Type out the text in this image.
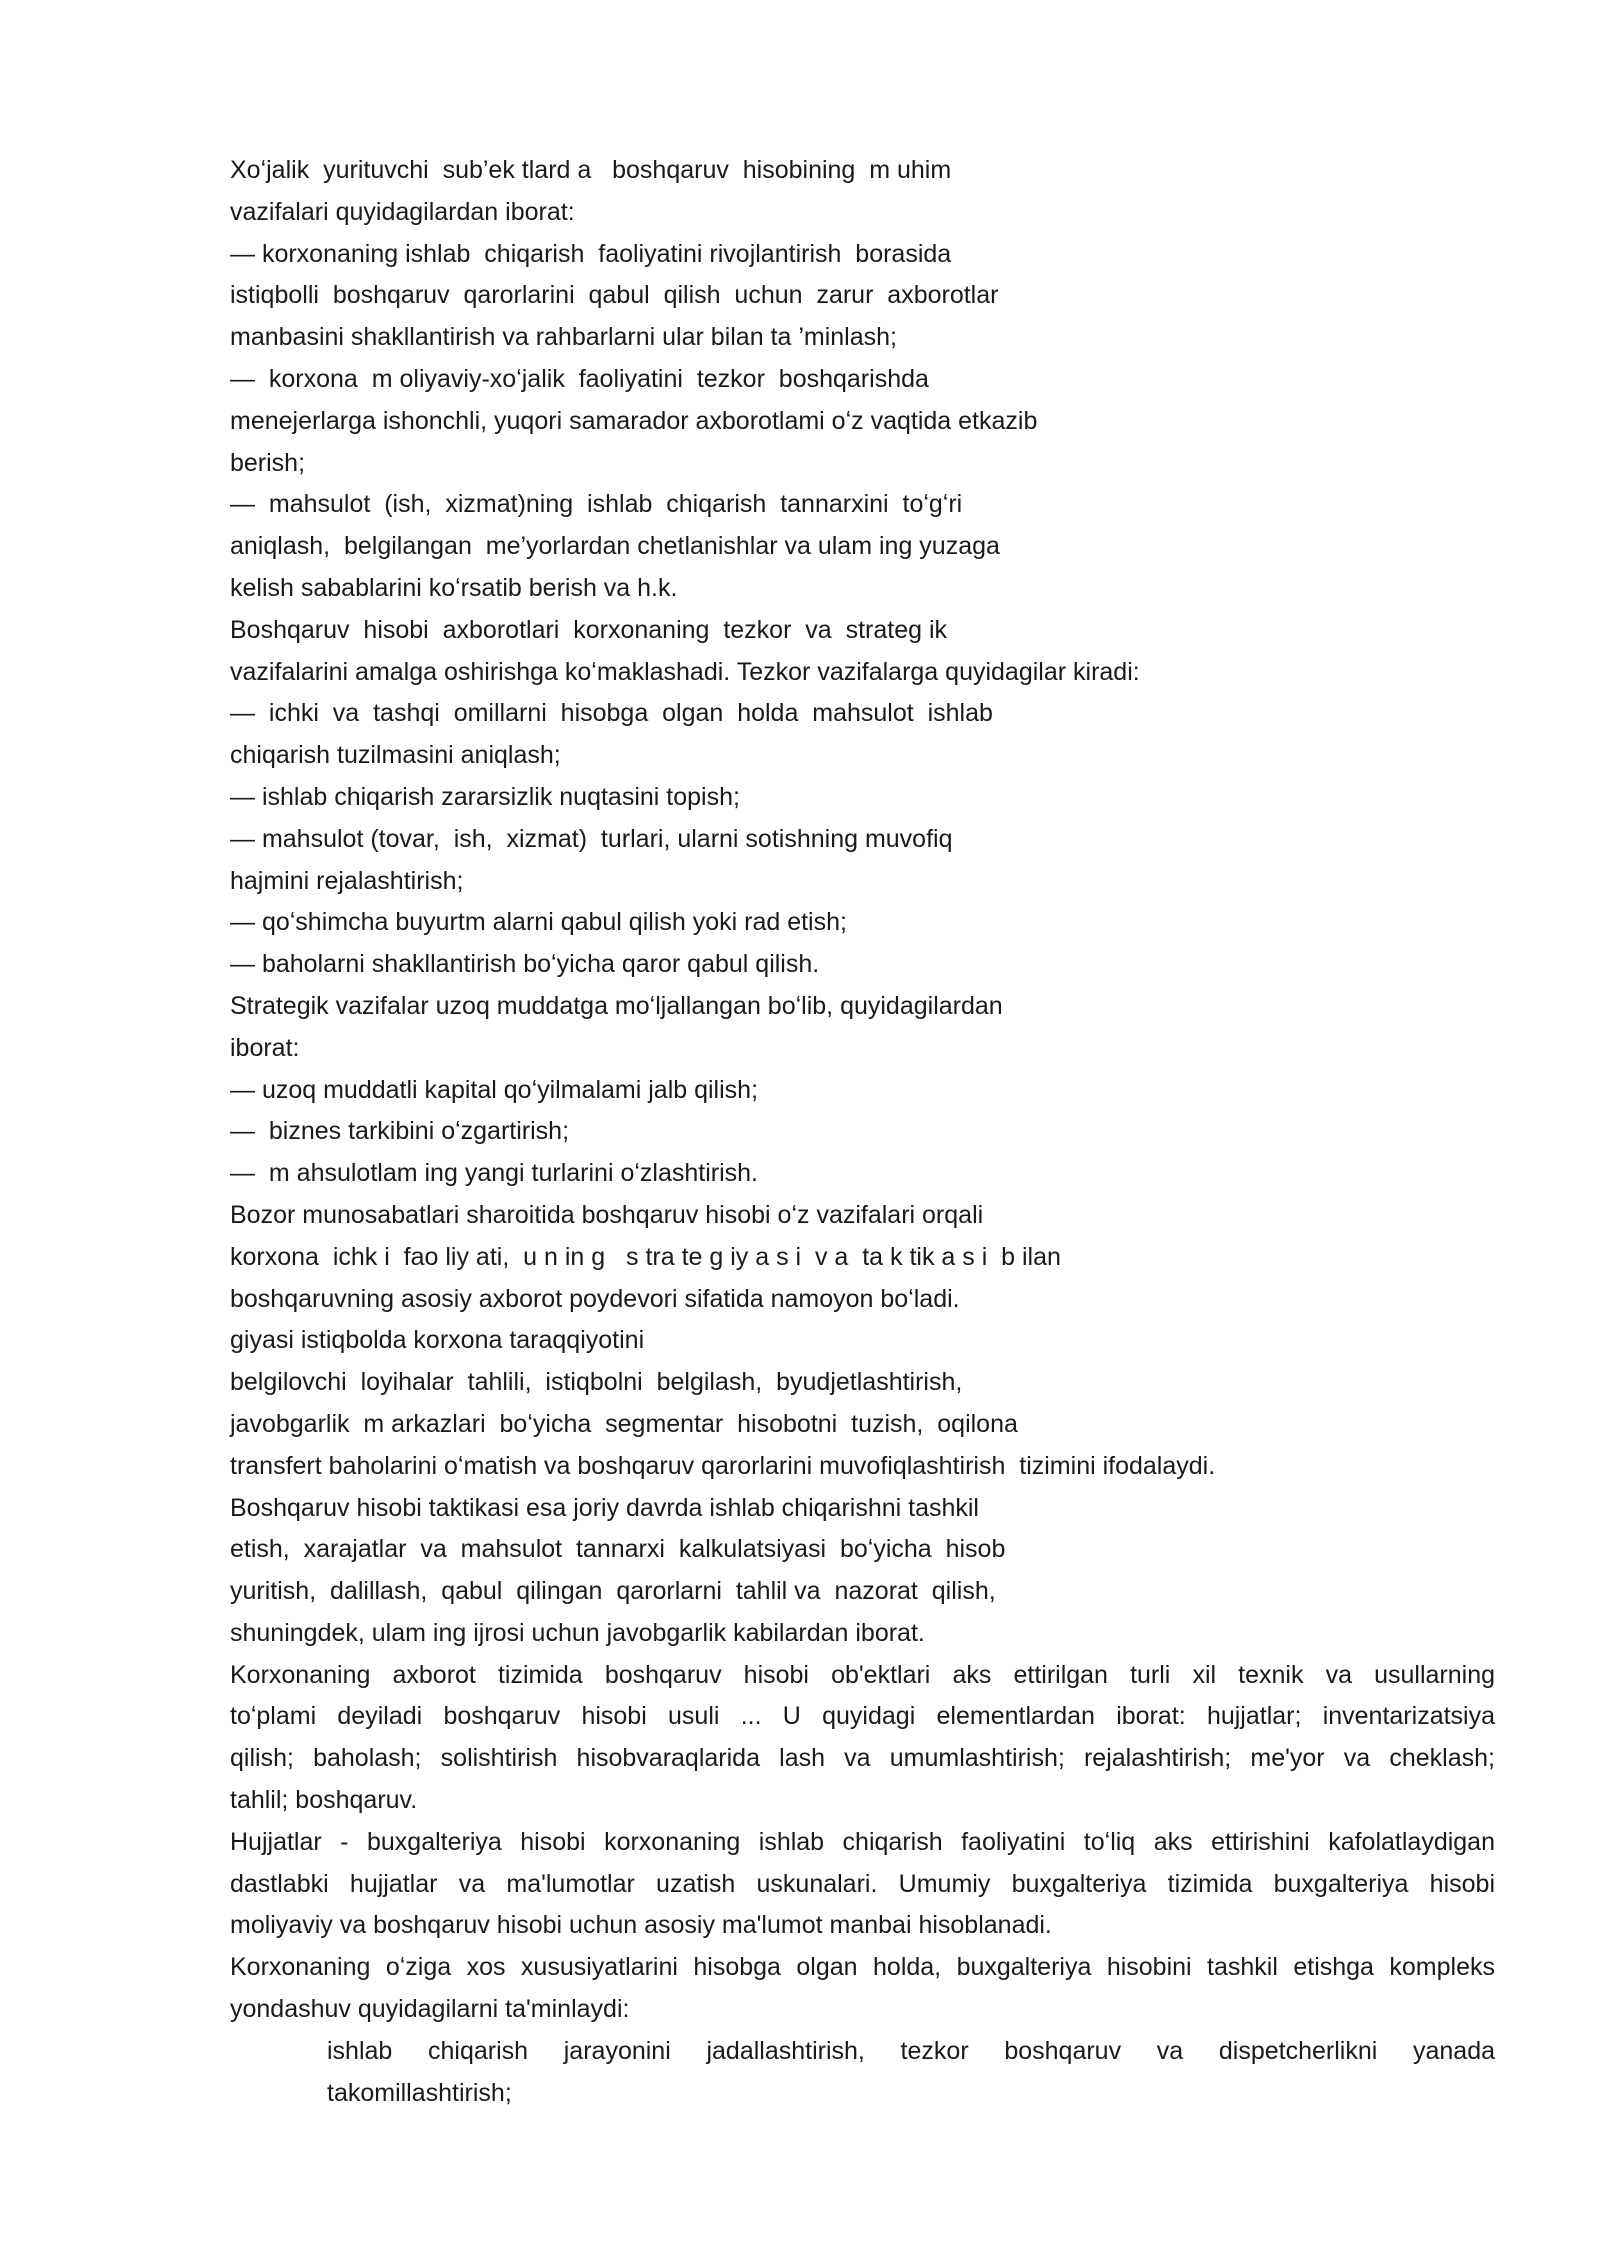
Xoʻjalik  yurituvchi  sub’ek tlard a   boshqaruv  hisobining  m uhim
vazifalari quyidagilardan iborat:
— korxonaning ishlab  chiqarish  faoliyatini rivojlantirish  borasida
istiqbolli  boshqaruv  qarorlarini  qabul  qilish  uchun  zarur  axborotlar
manbasini shakllantirish va rahbarlarni ular bilan ta ’minlash;
—  korxona  m oliyaviy-xoʻjalik  faoliyatini  tezkor  boshqarishda
menejerlarga ishonchli, yuqori samarador axborotlami oʻz vaqtida etkazib
berish;
—  mahsulot  (ish,  xizmat)ning  ishlab  chiqarish  tannarxini  toʻgʻri
aniqlash,  belgilangan  me’yorlardan chetlanishlar va ulam ing yuzaga
kelish sabablarini koʻrsatib berish va h.k.
Boshqaruv  hisobi  axborotlari  korxonaning  tezkor  va  strateg ik
vazifalarini amalga oshirishga koʻmaklashadi. Tezkor vazifalarga quyidagilar kiradi:
—  ichki  va  tashqi  omillarni  hisobga  olgan  holda  mahsulot  ishlab
chiqarish tuzilmasini aniqlash;
— ishlab chiqarish zararsizlik nuqtasini topish;
— mahsulot (tovar,  ish,  xizmat)  turlari, ularni sotishning muvofiq
hajmini rejalashtirish;
— qoʻshimcha buyurtm alarni qabul qilish yoki rad etish;
— baholarni shakllantirish boʻyicha qaror qabul qilish.
Strategik vazifalar uzoq muddatga moʻljallangan boʻlib, quyidagilardan
iborat:
— uzoq muddatli kapital qoʻyilmalami jalb qilish;
—  biznes tarkibini oʻzgartirish;
—  m ahsulotlam ing yangi turlarini oʻzlashtirish.
Bozor munosabatlari sharoitida boshqaruv hisobi oʻz vazifalari orqali
korxona  ichk i  fao liy ati,  u n in g   s tra te g iy a s i  v a  ta k tik a s i  b ilan
boshqaruvning asosiy axborot poydevori sifatida namoyon boʻladi.
giyasi istiqbolda korxona taraqqiyotini
belgilovchi  loyihalar  tahlili,  istiqbolni  belgilash,  byudjetlashtirish,
javobgarlik  m arkazlari  boʻyicha  segmentar  hisobotni  tuzish,  oqilona
transfert baholarini oʻmatish va boshqaruv qarorlarini muvofiqlashtirish  tizimini ifodalaydi.
Boshqaruv hisobi taktikasi esa joriy davrda ishlab chiqarishni tashkil
etish,  xarajatlar  va  mahsulot  tannarxi  kalkulatsiyasi  boʻyicha  hisob
yuritish,  dalillash,  qabul  qilingan  qarorlarni  tahlil va  nazorat  qilish,
shuningdek, ulam ing ijrosi uchun javobgarlik kabilardan iborat.
Korxonaning axborot tizimida boshqaruv hisobi ob'ektlari aks ettirilgan turli xil texnik va usullarning
toʻplami deyiladi boshqaruv hisobi usuli ... U quyidagi elementlardan iborat: hujjatlar; inventarizatsiya
qilish; baholash; solishtirish hisobvaraqlarida lash va umumlashtirish; rejalashtirish; me'yor va cheklash;
tahlil; boshqaruv.
Hujjatlar - buxgalteriya hisobi korxonaning ishlab chiqarish faoliyatini toʻliq aks ettirishini kafolatlaydigan
dastlabki hujjatlar va ma'lumotlar uzatish uskunalari. Umumiy buxgalteriya tizimida buxgalteriya hisobi
moliyaviy va boshqaruv hisobi uchun asosiy ma'lumot manbai hisoblanadi.
Korxonaning oʻziga xos xususiyatlarini hisobga olgan holda, buxgalteriya hisobini tashkil etishga kompleks
yondashuv quyidagilarni ta'minlaydi:
ishlab chiqarish jarayonini jadallashtirish, tezkor boshqaruv va dispetcherlikni yanada
takomillashtirish;
